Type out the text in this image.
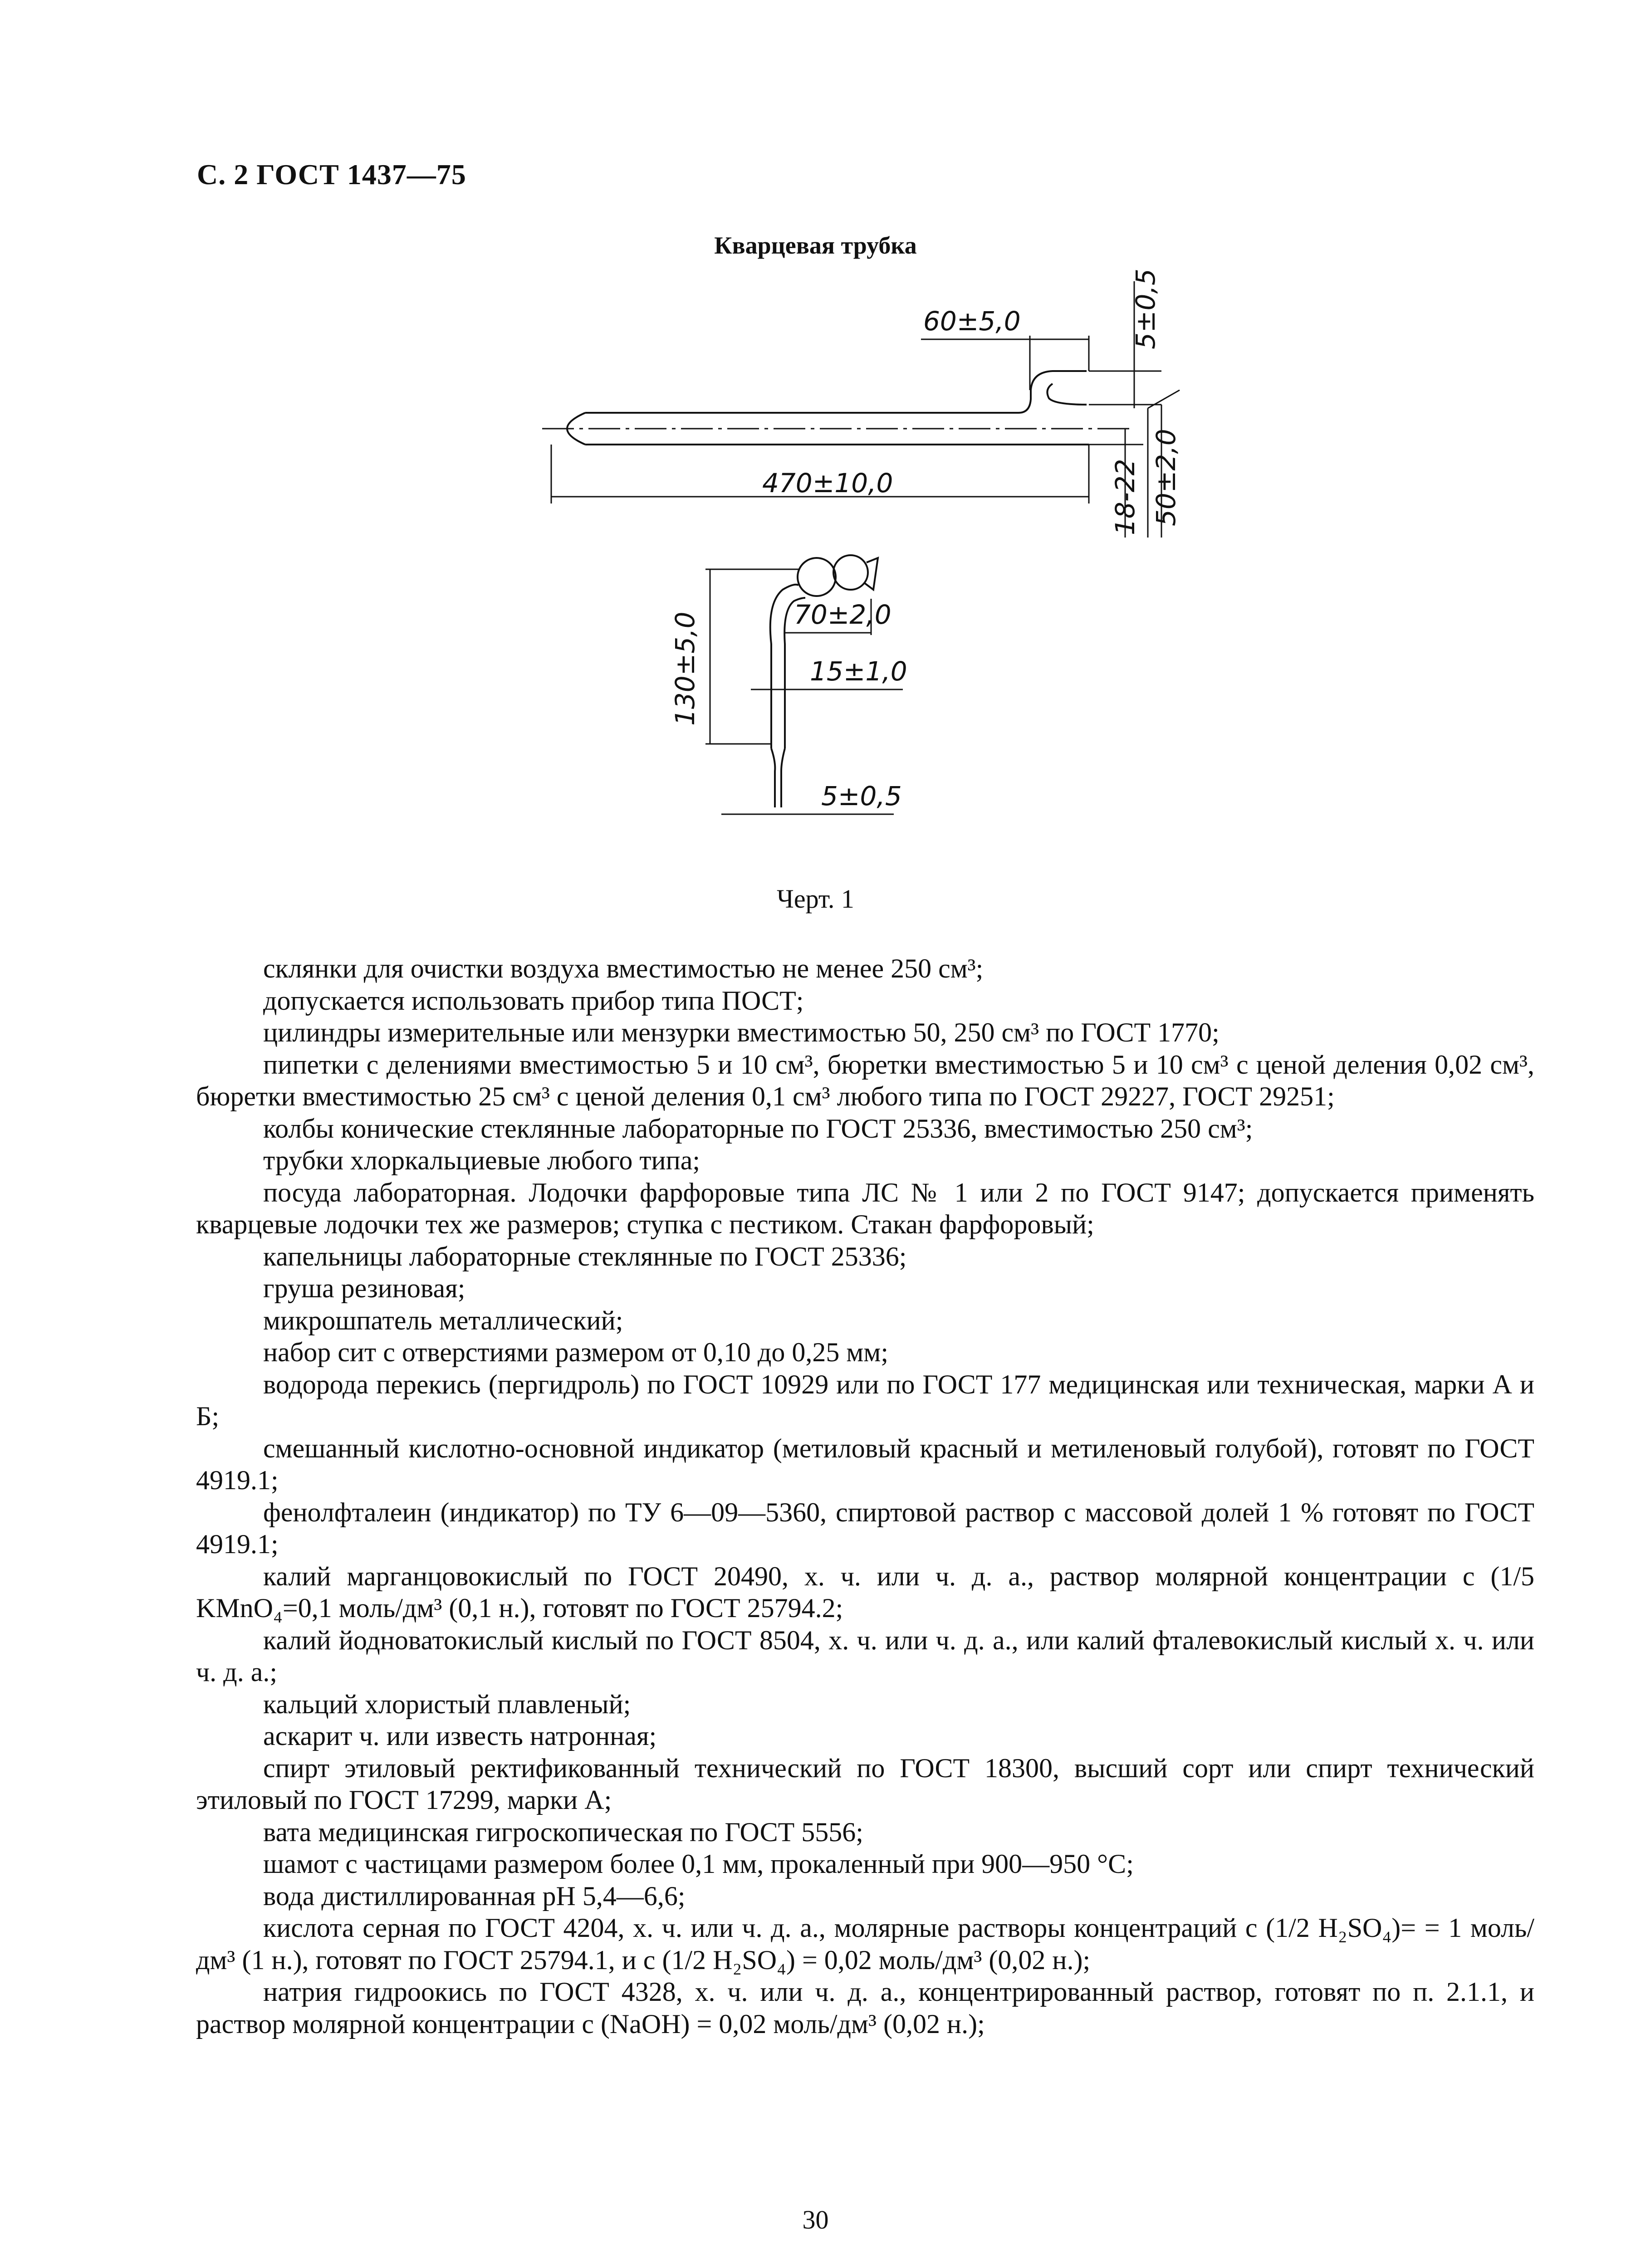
С. 2 ГОСТ 1437—75
Кварцевая трубка
60±5,0
470±10,0
5±0,5
18-22 50±2,0
130±5,0	70±2,0
15±1,0
5±0,5
Черт. 1

склянки для очистки воздуха вместимостью не менее 250 см³;

допускается использовать прибор типа ПОСТ;

цилиндры измерительные или мензурки вместимостью 50, 250 см³ по ГОСТ 1770;

пипетки с делениями вместимостью 5 и 10 см³, бюретки вместимостью 5 и 10 см³ с ценой деления 0,02 см³, бюретки вместимостью 25 см³ с ценой деления 0,1 см³ любого типа по ГОСТ 29227, ГОСТ 29251;

колбы конические стеклянные лабораторные по ГОСТ 25336, вместимостью 250 см³;

трубки хлоркальциевые любого типа;

посуда лабораторная. Лодочки фарфоровые типа ЛС № 1 или 2 по ГОСТ 9147; допускается применять кварцевые лодочки тех же размеров; ступка с пестиком. Стакан фарфоровый;

капельницы лабораторные стеклянные по ГОСТ 25336;

груша резиновая;

микрошпатель металлический;

набор сит с отверстиями размером от 0,10 до 0,25 мм;

водорода перекись (пергидроль) по ГОСТ 10929 или по ГОСТ 177 медицинская или техническая, марки А и Б;

смешанный кислотно-основной индикатор (метиловый красный и метиленовый голубой), готовят по ГОСТ 4919.1;

фенолфталеин (индикатор) по ТУ 6—09—5360, спиртовой раствор с массовой долей 1 % готовят по ГОСТ 4919.1;

калий марганцовокислый по ГОСТ 20490, х. ч. или ч. д. а., раствор молярной концентрации с (1/5 KMnO₄=0,1 моль/дм³ (0,1 н.), готовят по ГОСТ 25794.2;

калий йодноватокислый кислый по ГОСТ 8504, х. ч. или ч. д. а., или калий фталевокислый кислый х. ч. или ч. д. а.;

кальций хлористый плавленый;

аскарит ч. или известь натронная;

спирт этиловый ректификованный технический по ГОСТ 18300, высший сорт или спирт технический этиловый по ГОСТ 17299, марки А;

вата медицинская гигроскопическая по ГОСТ 5556;

шамот с частицами размером более 0,1 мм, прокаленный при 900—950 °С;

вода дистиллированная рН 5,4—6,6;

кислота серная по ГОСТ 4204, х. ч. или ч. д. а., молярные растворы концентраций с (1/2 H₂SO₄)= = 1 моль/дм³ (1 н.), готовят по ГОСТ 25794.1, и с (1/2 H₂SO₄) = 0,02 моль/дм³ (0,02 н.);

натрия гидроокись по ГОСТ 4328, х. ч. или ч. д. а., концентрированный раствор, готовят по п. 2.1.1, и раствор молярной концентрации с (NaOH) = 0,02 моль/дм³ (0,02 н.);

30
